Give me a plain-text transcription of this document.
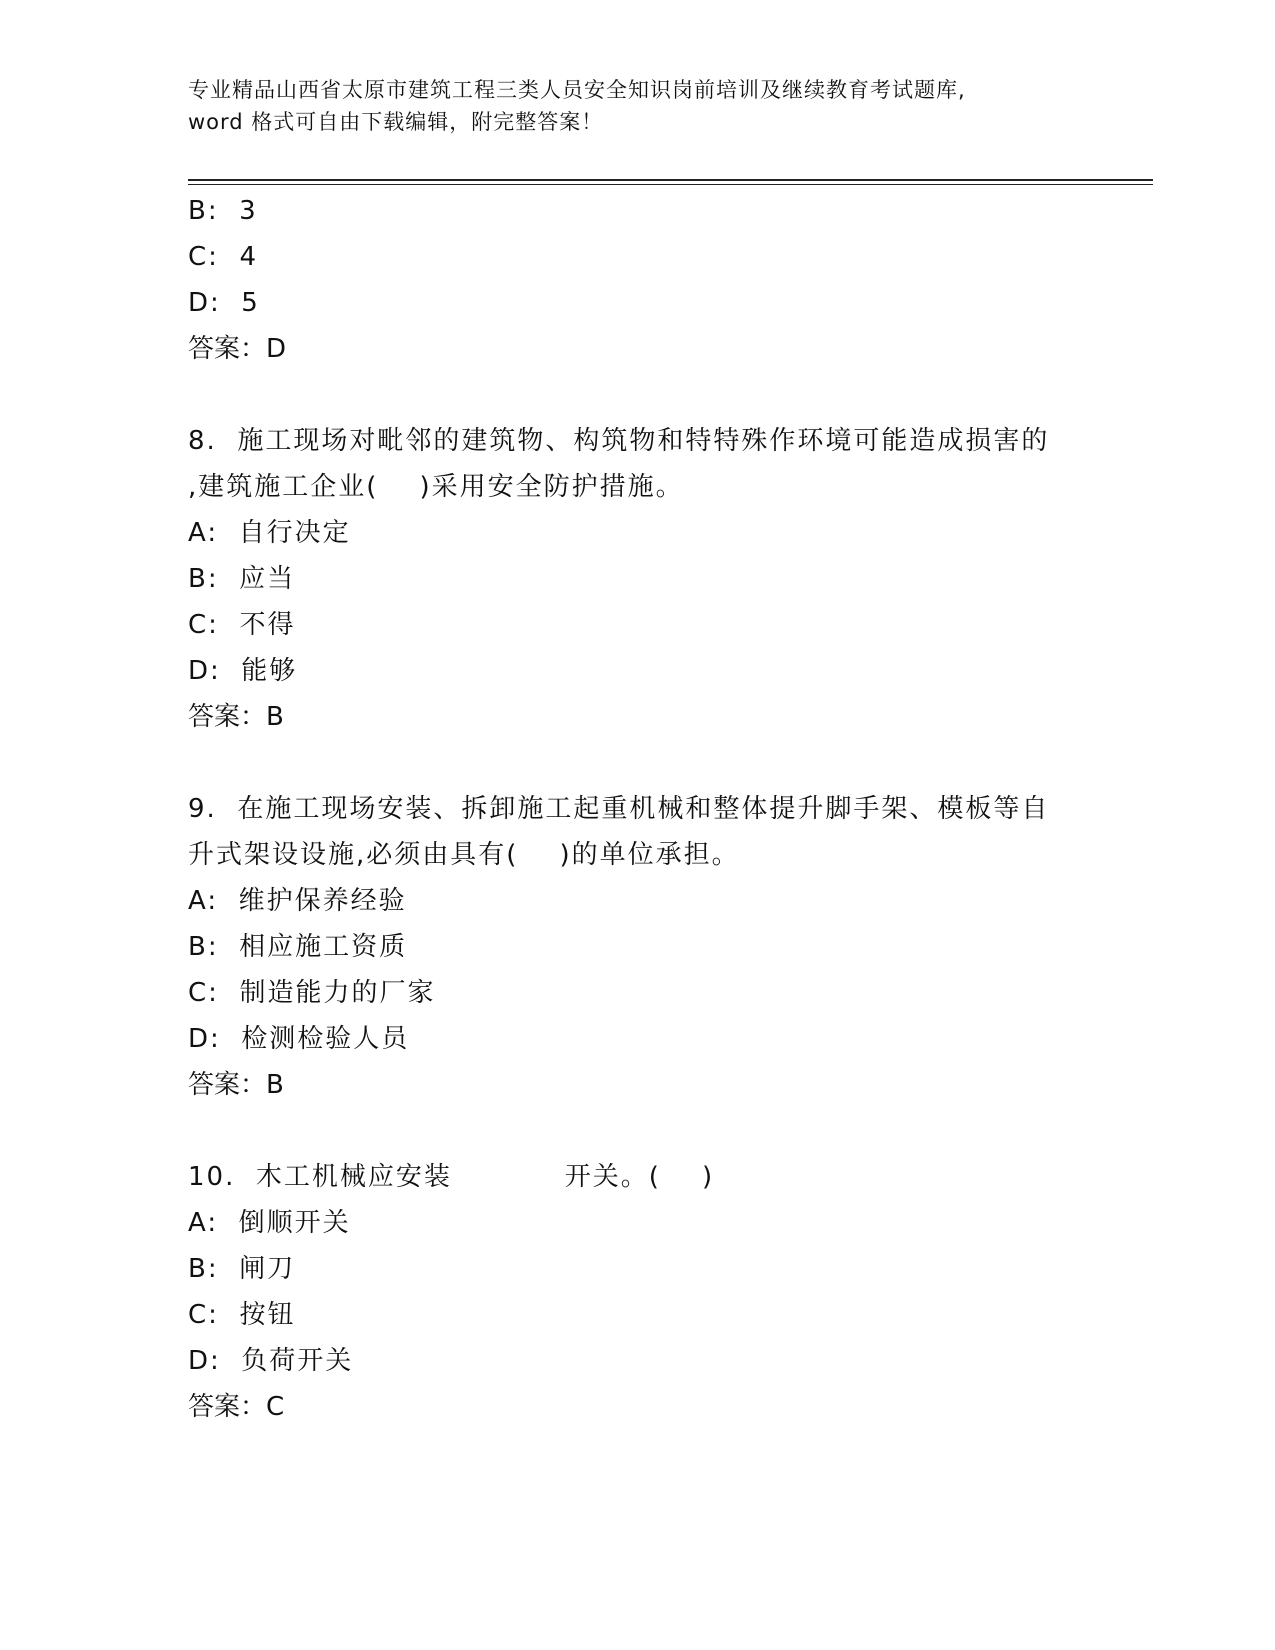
专业精品山西省太原市建筑工程三类人员安全知识岗前培训及继续教育考试题库,
word 格式可自由下载编辑，附完整答案！
B:  3
C:  4
D:  5
答案：D
8.  施工现场对毗邻的建筑物、构筑物和特特殊作环境可能造成损害的
,建筑施工企业(    )采用安全防护措施。
A:  自行决定
B:  应当
C:  不得
D:  能够
答案：B
9.  在施工现场安装、拆卸施工起重机械和整体提升脚手架、模板等自
升式架设设施,必须由具有(    )的单位承担。
A:  维护保养经验
B:  相应施工资质
C:  制造能力的厂家
D:  检测检验人员
答案：B
10.  木工机械应安装           开关。(    )
A:  倒顺开关
B:  闸刀
C:  按钮
D:  负荷开关
答案：C
